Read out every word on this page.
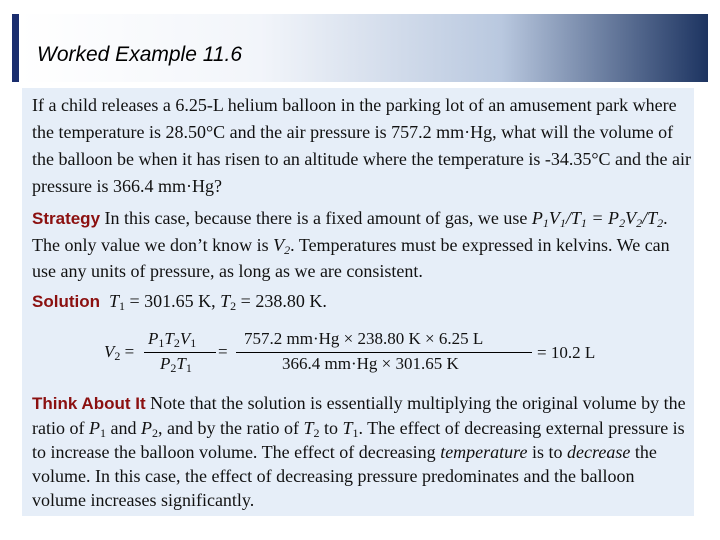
Worked Example 11.6
If a child releases a 6.25-L helium balloon in the parking lot of an amusement park where the temperature is 28.50°C and the air pressure is 757.2 mm·Hg, what will the volume of the balloon be when it has risen to an altitude where the temperature is -34.35°C and the air pressure is 366.4 mm·Hg?
Strategy In this case, because there is a fixed amount of gas, we use $P_1V_1/T_1 = P_2V_2/T_2$. The only value we don’t know is $V_2$. Temperatures must be expressed in kelvins. We can use any units of pressure, as long as we are consistent.
Solution $T_1 = 301.65$ K, $T_2 = 238.80$ K.
$V_2$ =
$P_1T_2V_1$
$P_2T_1$
=
757.2 mm·Hg × 238.80 K × 6.25 L
366.4 mm·Hg × 301.65 K
= 10.2 L
Think About It Note that the solution is essentially multiplying the original volume by the ratio of $P_1$ and $P_2$, and by the ratio of $T_2$ to $T_1$. The effect of decreasing external pressure is to increase the balloon volume. The effect of decreasing temperature is to decrease the volume. In this case, the effect of decreasing pressure predominates and the balloon volume increases significantly.
